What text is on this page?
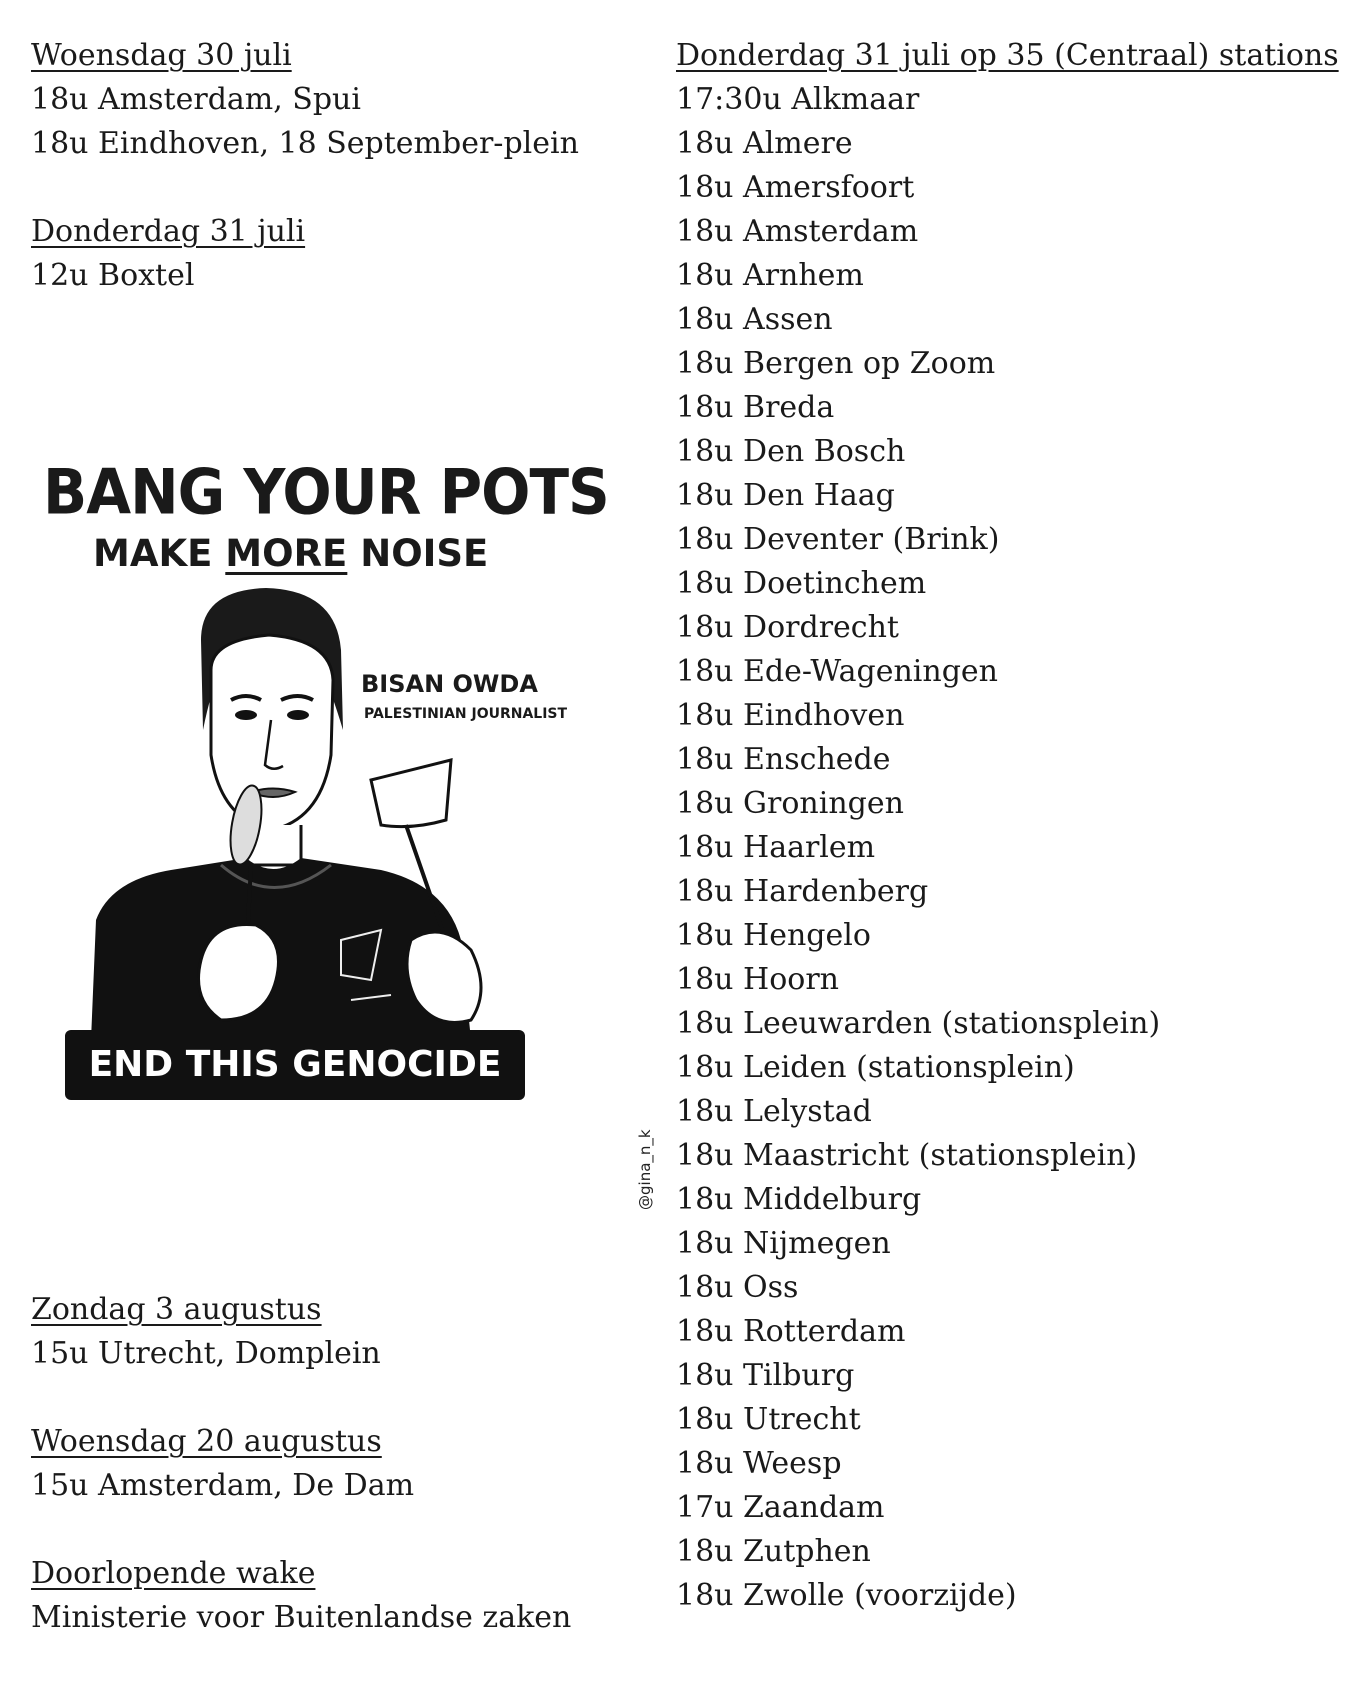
Woensdag 30 juli
18u Amsterdam, Spui
18u Eindhoven, 18 September-plein
Donderdag 31 juli
12u Boxtel
BANG YOUR POTS
MAKE MORE NOISE
BISAN OWDA
PALESTINIAN JOURNALIST
END THIS GENOCIDE
@gina_n_k
Zondag 3 augustus
15u Utrecht, Domplein
Woensdag 20 augustus
15u Amsterdam, De Dam
Doorlopende wake
Ministerie voor Buitenlandse zaken
Donderdag 31 juli op 35 (Centraal) stations
17:30u Alkmaar
18u Almere
18u Amersfoort
18u Amsterdam
18u Arnhem
18u Assen
18u Bergen op Zoom
18u Breda
18u Den Bosch
18u Den Haag
18u Deventer (Brink)
18u Doetinchem
18u Dordrecht
18u Ede-Wageningen
18u Eindhoven
18u Enschede
18u Groningen
18u Haarlem
18u Hardenberg
18u Hengelo
18u Hoorn
18u Leeuwarden (stationsplein)
18u Leiden (stationsplein)
18u Lelystad
18u Maastricht (stationsplein)
18u Middelburg
18u Nijmegen
18u Oss
18u Rotterdam
18u Tilburg
18u Utrecht
18u Weesp
17u Zaandam
18u Zutphen
18u Zwolle (voorzijde)
